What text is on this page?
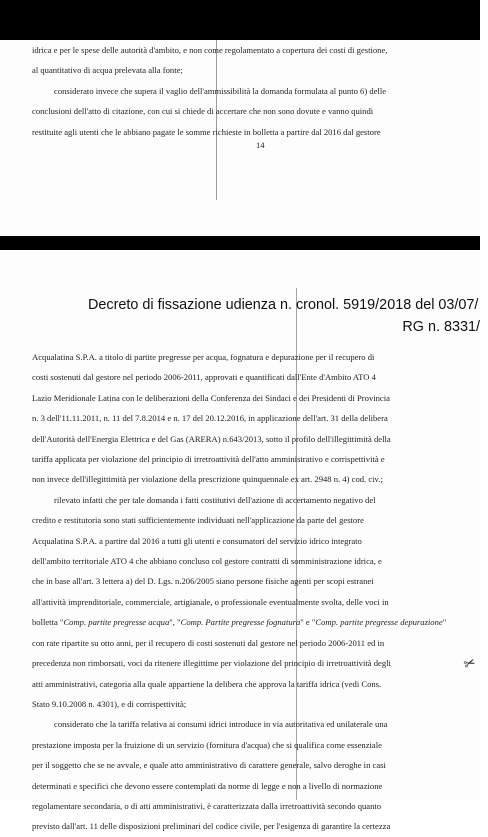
idrica e per le spese delle autorità d'ambito, e non come regolamentato a copertura dei costi di gestione,
al quantitativo di acqua prelevata alla fonte;
considerato invece che supera il vaglio dell'ammissibilità la domanda formulata al punto 6) delle
conclusioni dell'atto di citazione, con cui si chiede di accertare che non sono dovute e vanno quindi
restituite agli utenti che le abbiano pagate le somme richieste in bolletta a partire dal 2016 dal gestore
14
Decreto di fissazione udienza n. cronol. 5919/2018 del 03/07/
RG n. 8331/
Acqualatina S.P.A. a titolo di partite pregresse per acqua, fognatura e depurazione per il recupero di
costi sostenuti dal gestore nel periodo 2006-2011, approvati e quantificati dall'Ente d'Ambito ATO 4
Lazio Meridionale Latina con le deliberazioni della Conferenza dei Sindaci e dei Presidenti di Provincia
n. 3 dell'11.11.2011, n. 11 del 7.8.2014 e n. 17 del 20.12.2016, in applicazione dell'art. 31 della delibera
dell'Autorità dell'Energia Elettrica e del Gas (ARERA) n.643/2013, sotto il profilo dell'illegittimità della
tariffa applicata per violazione del principio di irretroattività dell'atto amministrativo e corrispettività e
non invece dell'illegittimità per violazione della prescrizione quinquennale ex art. 2948 n. 4) cod. civ.;
rilevato infatti che per tale domanda i fatti costitutivi dell'azione di accertamento negativo del
credito e restitutoria sono stati sufficientemente individuati nell'applicazione da parte del gestore
Acqualatina S.P.A. a partire dal 2016 a tutti gli utenti e consumatori del servizio idrico integrato
dell'ambito territoriale ATO 4 che abbiano concluso col gestore contratti di somministrazione idrica, e
che in base all'art. 3 lettera a) del D. Lgs. n.206/2005 siano persone fisiche agenti per scopi estranei
all'attività imprenditoriale, commerciale, artigianale, o professionale eventualmente svolta, delle voci in
bolletta "Comp. partite pregresse acqua", "Comp. Partite pregresse fognatura" e "Comp. partite pregresse depurazione"
con rate ripartite su otto anni, per il recupero di costi sostenuti dal gestore nel periodo 2006-2011 ed in
precedenza non rimborsati, voci da ritenere illegittime per violazione del principio di irretroattività degli
atti amministrativi, categoria alla quale appartiene la delibera che approva la tariffa idrica (vedi Cons.
Stato 9.10.2008 n. 4301), e di corrispettività;
considerato che la tariffa relativa ai consumi idrici introduce in via autoritativa ed unilaterale una
prestazione imposta per la fruizione di un servizio (fornitura d'acqua) che si qualifica come essenziale
per il soggetto che se ne avvale, e quale atto amministrativo di carattere generale, salvo deroghe in casi
determinati e specifici che devono essere contemplati da norme di legge e non a livello di normazione
regolamentare secondaria, o di atti amministrativi, è caratterizzata dalla irretroattività secondo quanto
previsto dall'art. 11 delle disposizioni preliminari del codice civile, per l'esigenza di garantire la certezza
✂
